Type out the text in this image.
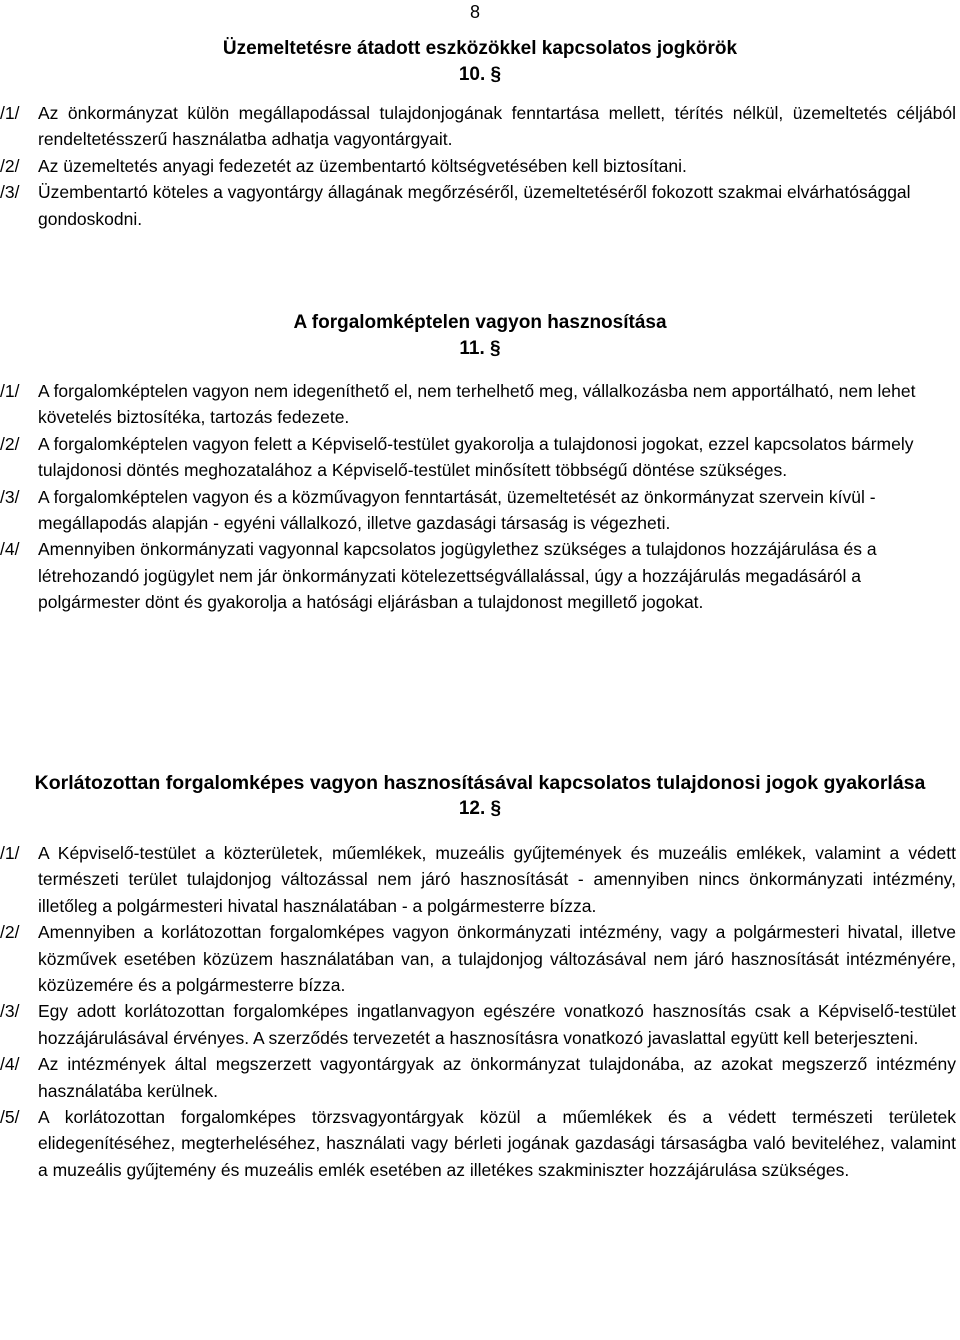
8
Üzemeltetésre átadott eszközökkel kapcsolatos jogkörök
10. §
/1/	Az önkormányzat külön megállapodással tulajdonjogának fenntartása mellett, térítés nélkül, üzemeltetés céljából rendeltetésszerű használatba adhatja vagyontárgyait.
/2/	Az üzemeltetés anyagi fedezetét az üzembentartó költségvetésében kell biztosítani.
/3/	Üzembentartó köteles a vagyontárgy állagának megőrzéséről, üzemeltetéséről fokozott szakmai elvárhatósággal gondoskodni.
A forgalomképtelen vagyon hasznosítása
11. §
/1/	A forgalomképtelen vagyon nem idegeníthető el, nem terhelhető meg, vállalkozásba nem apportálható, nem lehet követelés biztosítéka, tartozás fedezete.
/2/	A forgalomképtelen vagyon felett a Képviselő-testület gyakorolja a tulajdonosi jogokat, ezzel kapcsolatos bármely tulajdonosi döntés meghozatalához a Képviselő-testület minősített többségű döntése szükséges.
/3/	A forgalomképtelen vagyon és a közművagyon fenntartását, üzemeltetését az önkormányzat szervein kívül - megállapodás alapján - egyéni vállalkozó, illetve gazdasági társaság is végezheti.
/4/	Amennyiben önkormányzati vagyonnal kapcsolatos jogügylethez szükséges a tulajdonos hozzájárulása és a létrehozandó jogügylet nem jár önkormányzati kötelezettségvállalással, úgy a hozzájárulás megadásáról a polgármester dönt és gyakorolja a hatósági eljárásban a tulajdonost megillető jogokat.
Korlátozottan forgalomképes vagyon hasznosításával kapcsolatos tulajdonosi jogok gyakorlása
12. §
/1/	A Képviselő-testület a közterületek, műemlékek, muzeális gyűjtemények és muzeális emlékek, valamint a védett természeti terület tulajdonjog változással nem járó hasznosítását - amennyiben nincs önkormányzati intézmény, illetőleg a polgármesteri hivatal használatában - a polgármesterre bízza.
/2/	Amennyiben a korlátozottan forgalomképes vagyon önkormányzati intézmény, vagy a polgármesteri hivatal, illetve közművek esetében közüzem használatában van, a tulajdonjog változásával nem járó hasznosítását intézményére, közüzemére és a polgármesterre bízza.
/3/	Egy adott korlátozottan forgalomképes ingatlanvagyon egészére vonatkozó hasznosítás csak a Képviselő-testület hozzájárulásával érvényes. A szerződés tervezetét a hasznosításra vonatkozó javaslattal együtt kell beterjeszteni.
/4/	Az intézmények által megszerzett vagyontárgyak az önkormányzat tulajdonába, az azokat megszerző intézmény használatába kerülnek.
/5/	A korlátozottan forgalomképes törzsvagyontárgyak közül a műemlékek és a védett természeti területek elidegenítéséhez, megterheléséhez, használati vagy bérleti jogának gazdasági társaságba való beviteléhez, valamint a muzeális gyűjtemény és muzeális emlék esetében az illetékes szakminiszter hozzájárulása szükséges.
